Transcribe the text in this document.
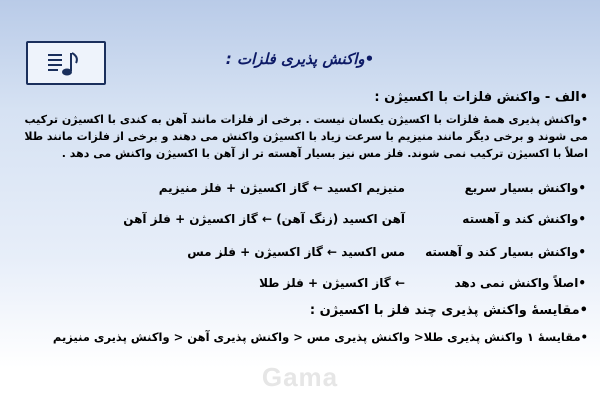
•واکنش پذیری فلزات :
•الف - واکنش فلزات با اکسیژن :
•واکنش پذیری همهٔ فلزات با اکسیژن یکسان نیست . برخی از فلزات مانند آهن به کندی با اکسیژن ترکیب می شوند و برخی دیگر مانند منیزیم با سرعت زیاد با اکسیژن واکنش می دهند و برخی از فلزات مانند طلا اصلاً با اکسیژن ترکیب نمی شوند. فلز مس نیز بسیار آهسته تر از آهن با اکسیژن واکنش می دهد .
•واکنش بسیار سریع
منیزیم اکسید ← گاز اکسیژن + فلز منیزیم
•واکنش کند و آهسته
آهن اکسید (زنگ آهن) ← گاز اکسیژن + فلز آهن
•واکنش بسیار کند و آهسته
مس اکسید ← گاز اکسیژن + فلز مس
•اصلاً واکنش نمی دهد
← گاز اکسیژن + فلز طلا
•مقایسهٔ واکنش پذیری چند فلز با اکسیژن :
•مقایسهٔ ۱ واکنش پذیری طلا< واکنش پذیری مس < واکنش پذیری آهن < واکنش پذیری منیزیم
Gama
